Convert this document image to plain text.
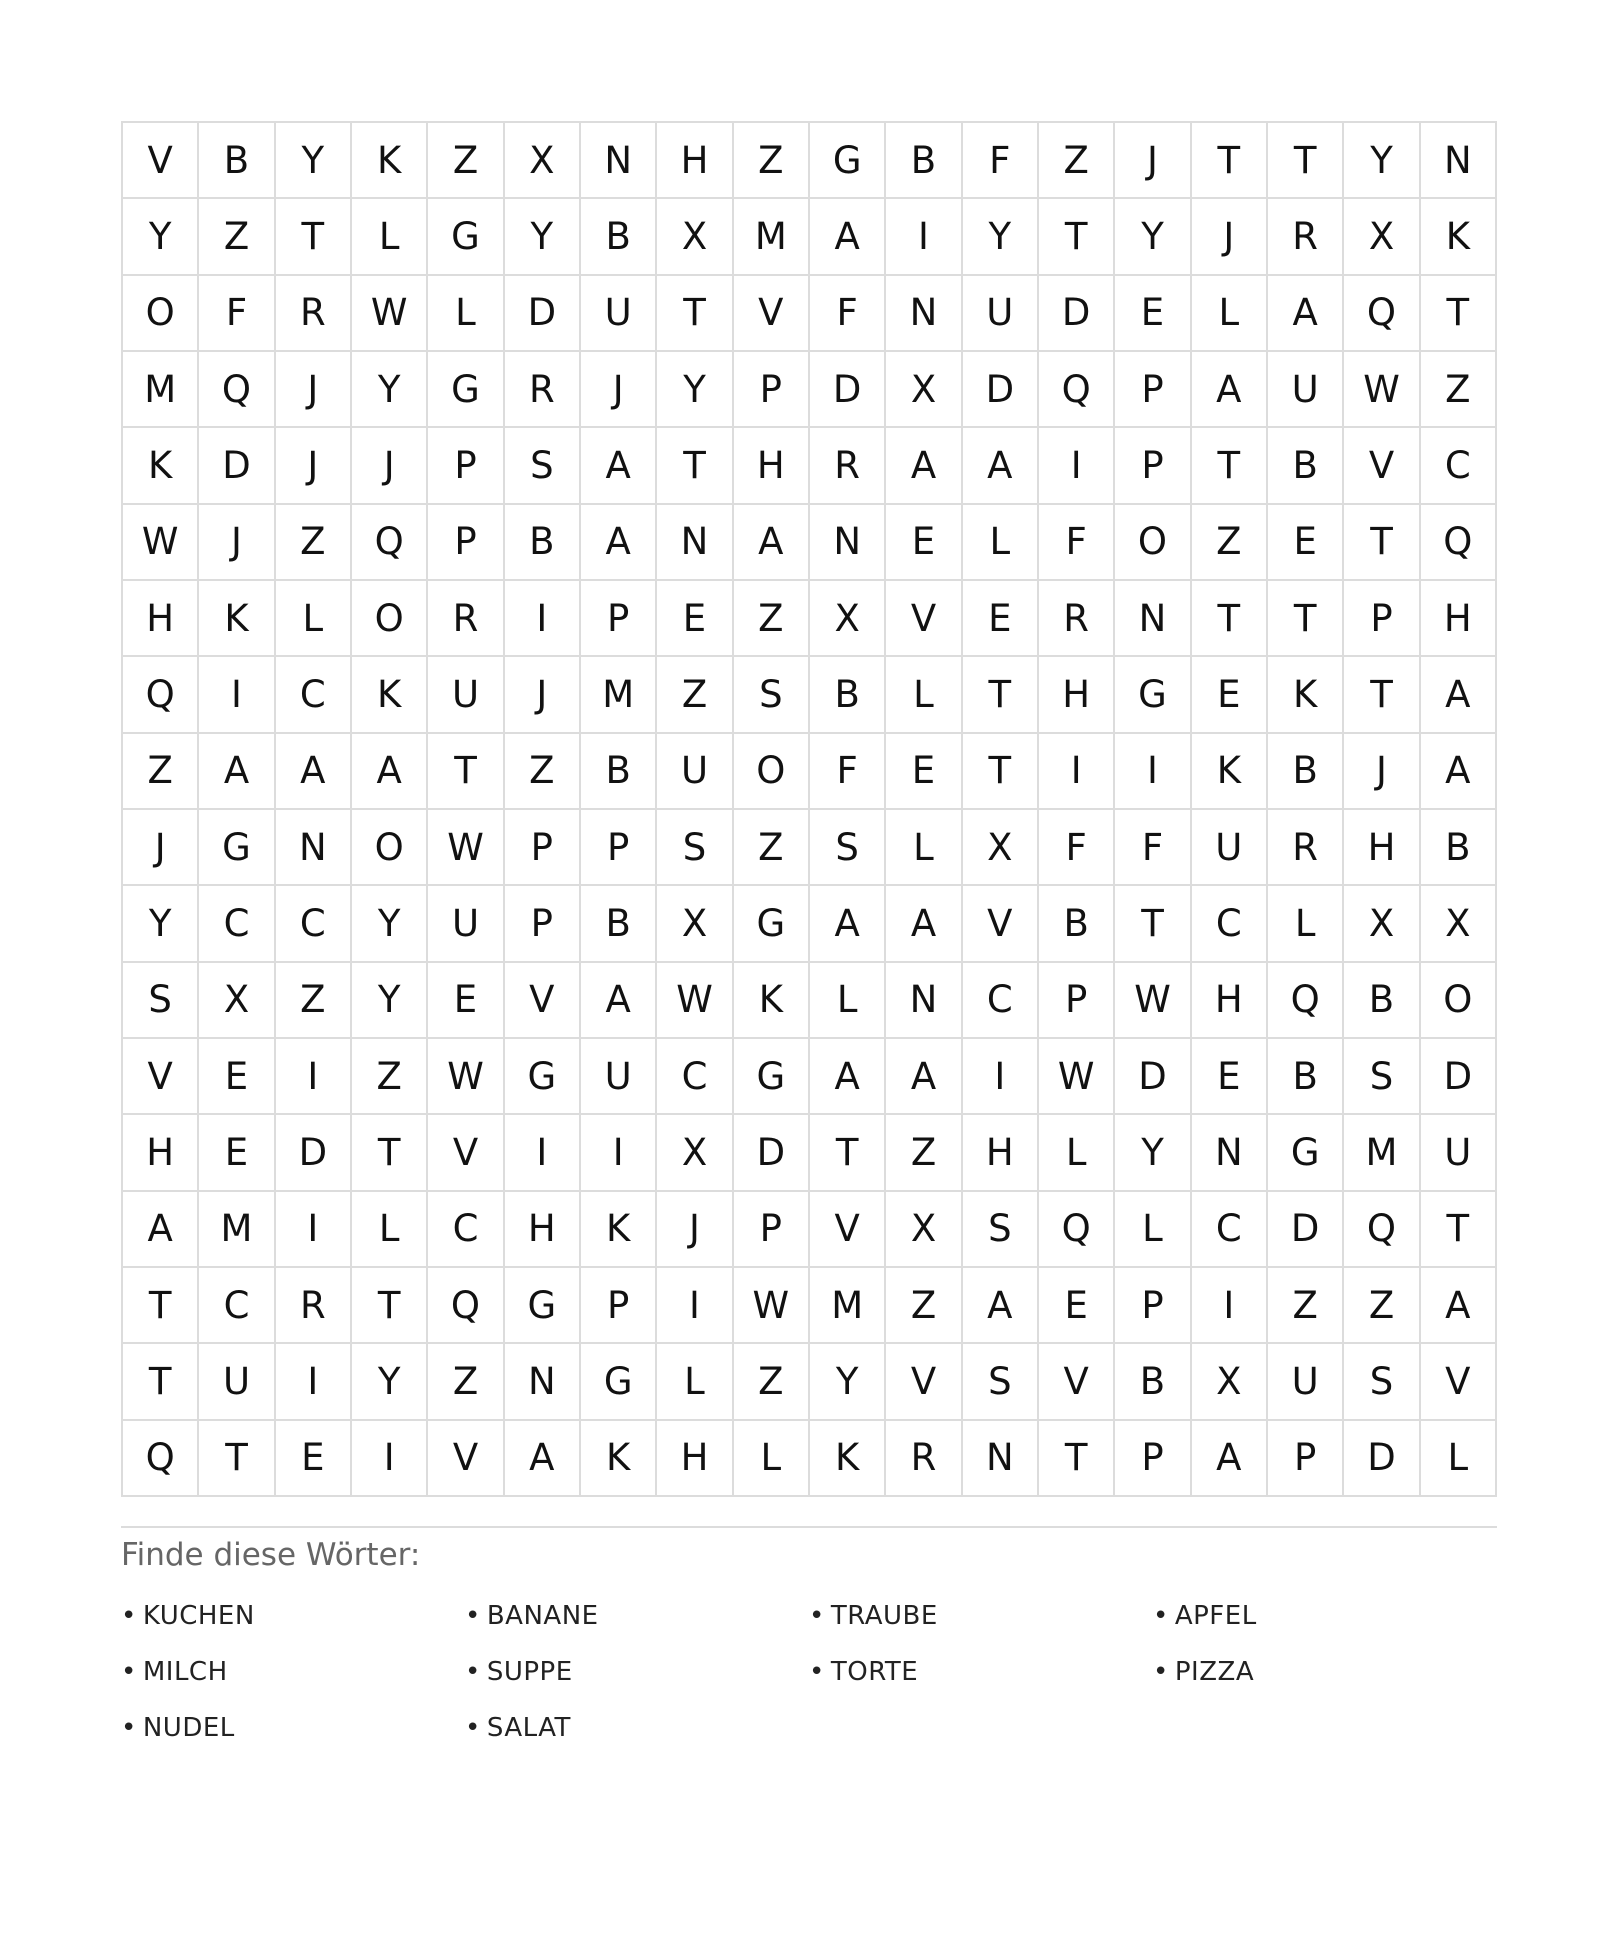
V	B	Y	K	Z	X	N	H	Z	G	B	F	Z	J	T	T	Y	N
Y	Z	T	L	G	Y	B	X	M	A	I	Y	T	Y	J	R	X	K
O	F	R	W	L	D	U	T	V	F	N	U	D	E	L	A	Q	T
M	Q	J	Y	G	R	J	Y	P	D	X	D	Q	P	A	U	W	Z
K	D	J	J	P	S	A	T	H	R	A	A	I	P	T	B	V	C
W	J	Z	Q	P	B	A	N	A	N	E	L	F	O	Z	E	T	Q
H	K	L	O	R	I	P	E	Z	X	V	E	R	N	T	T	P	H
Q	I	C	K	U	J	M	Z	S	B	L	T	H	G	E	K	T	A
Z	A	A	A	T	Z	B	U	O	F	E	T	I	I	K	B	J	A
J	G	N	O	W	P	P	S	Z	S	L	X	F	F	U	R	H	B
Y	C	C	Y	U	P	B	X	G	A	A	V	B	T	C	L	X	X
S	X	Z	Y	E	V	A	W	K	L	N	C	P	W	H	Q	B	O
V	E	I	Z	W	G	U	C	G	A	A	I	W	D	E	B	S	D
H	E	D	T	V	I	I	X	D	T	Z	H	L	Y	N	G	M	U
A	M	I	L	C	H	K	J	P	V	X	S	Q	L	C	D	Q	T
T	C	R	T	Q	G	P	I	W	M	Z	A	E	P	I	Z	Z	A
T	U	I	Y	Z	N	G	L	Z	Y	V	S	V	B	X	U	S	V
Q	T	E	I	V	A	K	H	L	K	R	N	T	P	A	P	D	L
Finde diese Wörter:
• KUCHEN	• BANANE	• TRAUBE	• APFEL
• MILCH	• SUPPE	• TORTE	• PIZZA
• NUDEL	• SALAT
